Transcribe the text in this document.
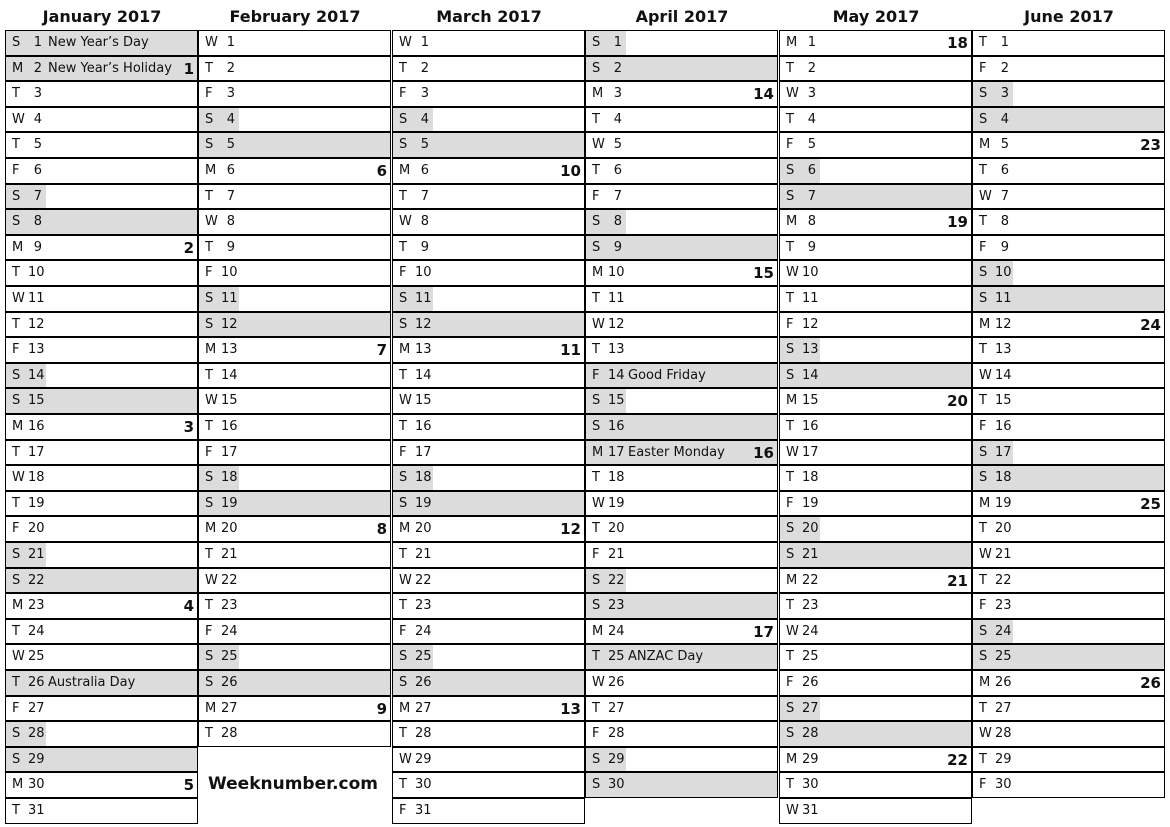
January 2017
S	1 New Year’s Day
M 2 New Year’s Holiday 1
T	3
W 4
T	5
F	6
S	7
S	8
M 9	2
T 10
W 11
T 12
F 13
S 14
S 15
M 16	3
T 17
W 18
T 19
F 20
S 21
S 22
M 23	4
T 24
W 25
T 26 Australia Day
F 27
S 28
S 29
M 30	5
T 31
February 2017
W 1
T	2
F	3
S	4
S	5
M 6	6
T	7
W 8
T	9
F 10
S 11
S 12
M 13	7
T 14
W 15
T 16
F 17
S 18
S 19
M 20	8
T 21
W 22
T 23
F 24
S 25
S 26
M 27	9
T 28
March 2017
W 1
T	2
F	3
S	4
S	5
M 6	10
T	7
W 8
T	9
F 10
S 11
S 12
M 13	11
T 14
W 15
T 16
F 17
S 18
S 19
M 20	12
T 21
W 22
T 23
F 24
S 25
S 26
M 27	13
T 28
W 29
T 30
F 31
April 2017
S	1
S	2
M 3	14
T	4
W 5
T	6
F	7
S	8
S	9
M 10	15
T 11
W 12
T 13
F 14 Good Friday
S 15
S 16
M 17 Easter Monday 16
T 18
W 19
T 20
F 21
S 22
S 23
M 24	17
T 25 ANZAC Day
W 26
T 27
F 28
S 29
S 30
May 2017
M 1	18
T	2
W 3
T	4
F	5
S	6
S	7
M 8	19
T	9
W 10
T 11
F 12
S 13
S 14
M 15	20
T 16
W 17
T 18
F 19
S 20
S 21
M 22	21
T 23
W 24
T 25
F 26
S 27
S 28
M 29	22
T 30
W 31
June 2017
T	1
F	2
S	3
S	4
M 5	23
T	6
W 7
T	8
F	9
S 10
S 11
M 12	24
T 13
W 14
T 15
F 16
S 17
S 18
M 19	25
T 20
W 21
T 22
F 23
S 24
S 25
M 26	26
T 27
W 28
T 29
F 30
Weeknumber.com
